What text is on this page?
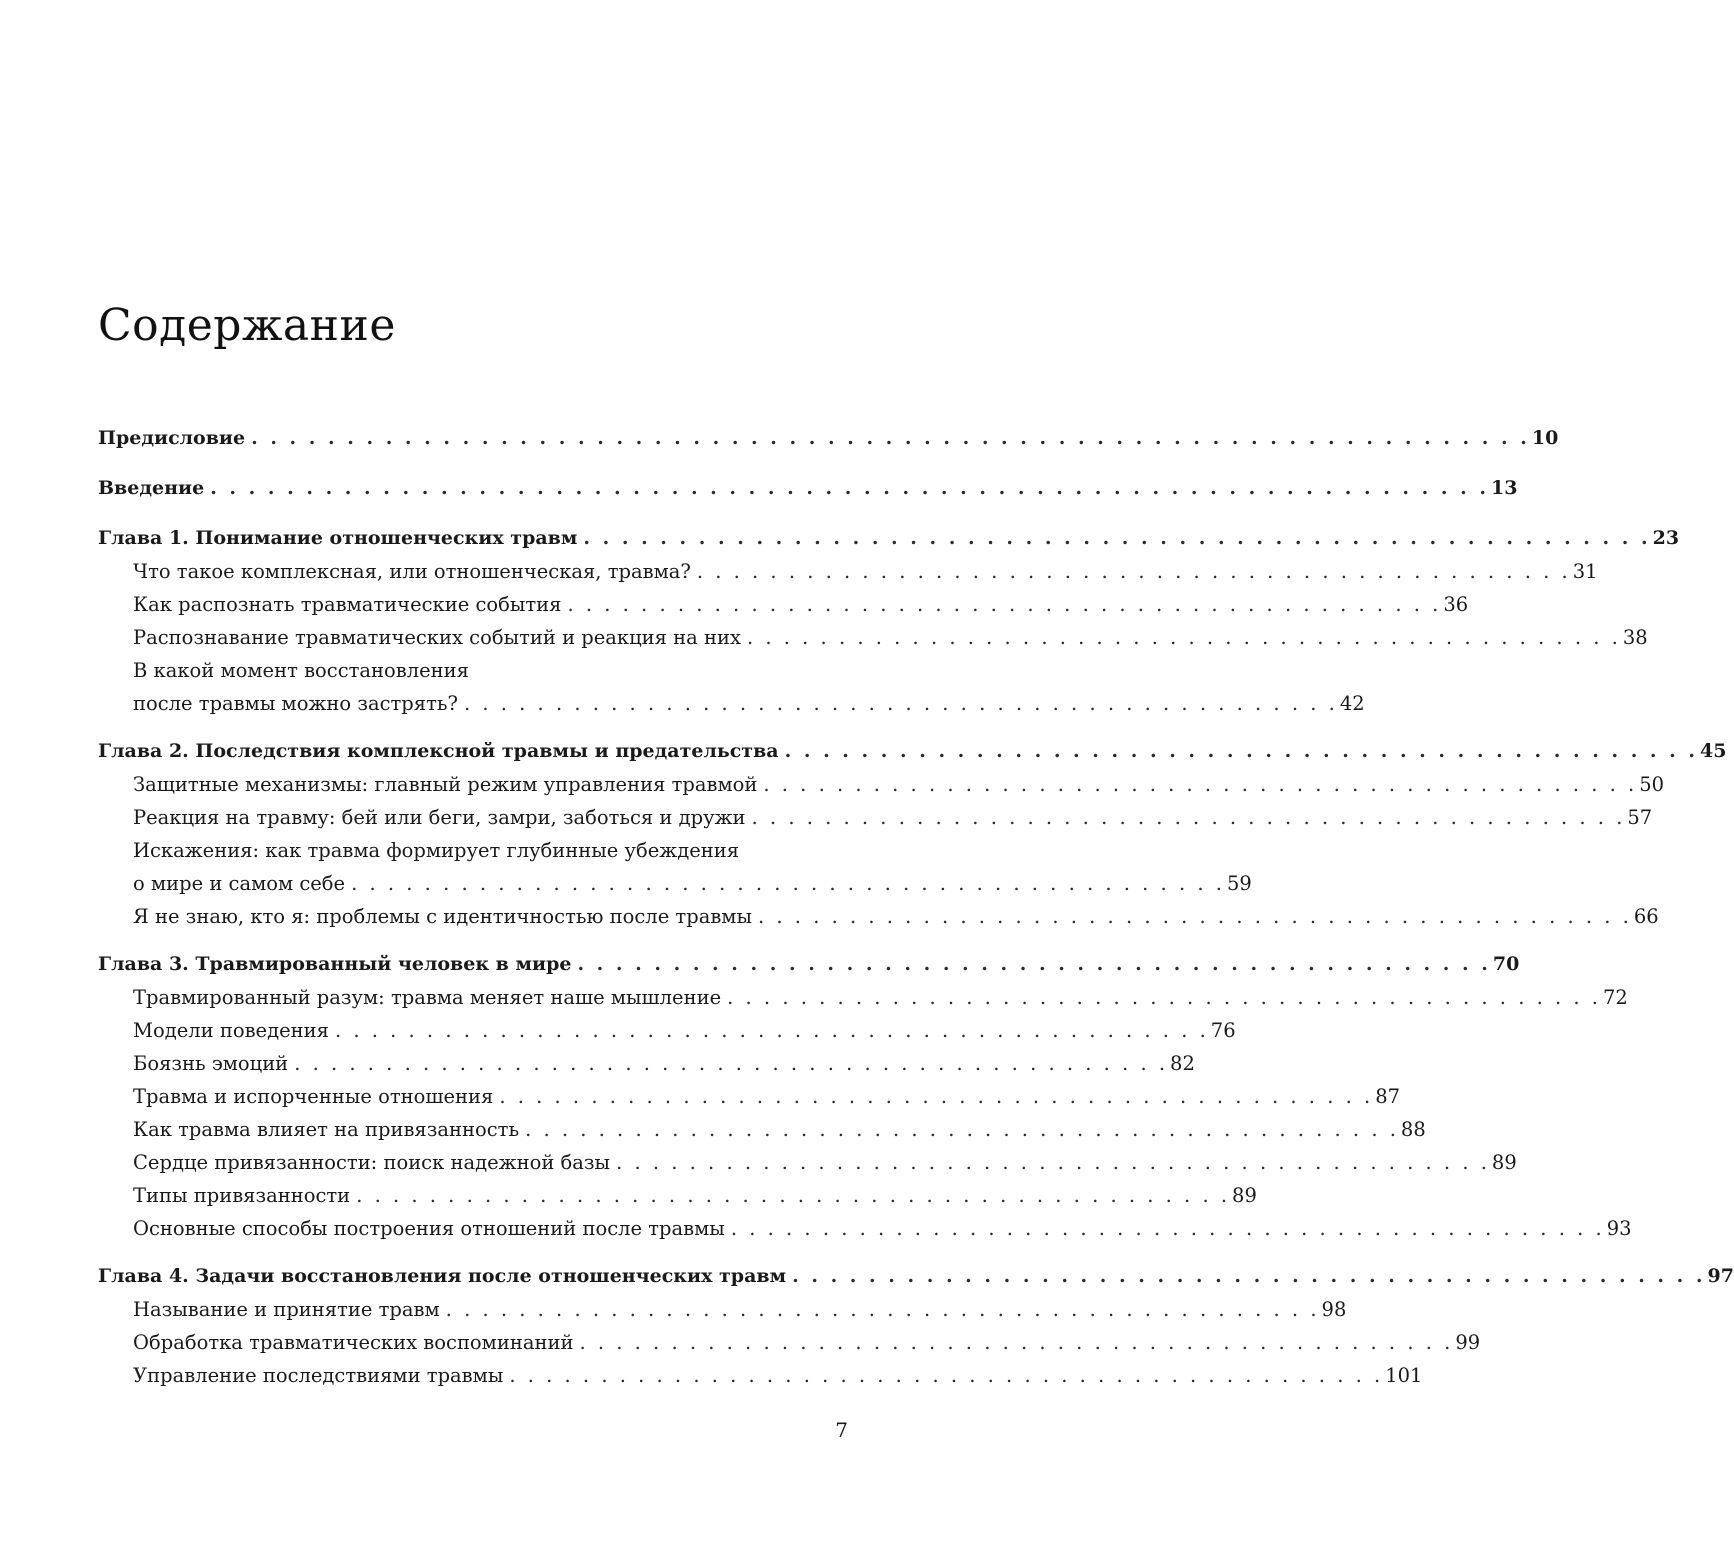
Содержание
Предисловие . . . . . . . . . . . . . . . . . . . . . . . . . . . . . . . . . . . . . . . . . . . . . . . . . . . . . . . . . . . . . . . . . . . 10
Введение . . . . . . . . . . . . . . . . . . . . . . . . . . . . . . . . . . . . . . . . . . . . . . . . . . . . . . . . . . . . . . . . . . . 13
Глава 1. Понимание отношенческих травм . . . . . . . . . . . . . . . . . . . . . . . . . . . . . . . . . . . . . . . . . . . . . . . . . . . . . . . . 23
Что такое комплексная, или отношенческая, травма? . . . . . . . . . . . . . . . . . . . . . . . . . . . . . . . . . . . . . . . . . . . . . . . . 31
Как распознать травматические события . . . . . . . . . . . . . . . . . . . . . . . . . . . . . . . . . . . . . . . . . . . . . . . . 36
Распознавание травматических событий и реакция на них . . . . . . . . . . . . . . . . . . . . . . . . . . . . . . . . . . . . . . . . . . . . . . . . 38
В какой момент восстановления
после травмы можно застрять? . . . . . . . . . . . . . . . . . . . . . . . . . . . . . . . . . . . . . . . . . . . . . . . . 42
Глава 2. Последствия комплексной травмы и предательства . . . . . . . . . . . . . . . . . . . . . . . . . . . . . . . . . . . . . . . . . . . . . . . . 45
Защитные механизмы: главный режим управления травмой . . . . . . . . . . . . . . . . . . . . . . . . . . . . . . . . . . . . . . . . . . . . . . . . 50
Реакция на травму: бей или беги, замри, заботься и дружи . . . . . . . . . . . . . . . . . . . . . . . . . . . . . . . . . . . . . . . . . . . . . . . . 57
Искажения: как травма формирует глубинные убеждения
о мире и самом себе . . . . . . . . . . . . . . . . . . . . . . . . . . . . . . . . . . . . . . . . . . . . . . . . 59
Я не знаю, кто я: проблемы с идентичностью после травмы . . . . . . . . . . . . . . . . . . . . . . . . . . . . . . . . . . . . . . . . . . . . . . . . 66
Глава 3. Травмированный человек в мире . . . . . . . . . . . . . . . . . . . . . . . . . . . . . . . . . . . . . . . . . . . . . . . . 70
Травмированный разум: травма меняет наше мышление . . . . . . . . . . . . . . . . . . . . . . . . . . . . . . . . . . . . . . . . . . . . . . . . 72
Модели поведения . . . . . . . . . . . . . . . . . . . . . . . . . . . . . . . . . . . . . . . . . . . . . . . . 76
Боязнь эмоций . . . . . . . . . . . . . . . . . . . . . . . . . . . . . . . . . . . . . . . . . . . . . . . . 82
Травма и испорченные отношения . . . . . . . . . . . . . . . . . . . . . . . . . . . . . . . . . . . . . . . . . . . . . . . . 87
Как травма влияет на привязанность . . . . . . . . . . . . . . . . . . . . . . . . . . . . . . . . . . . . . . . . . . . . . . . . 88
Сердце привязанности: поиск надежной базы . . . . . . . . . . . . . . . . . . . . . . . . . . . . . . . . . . . . . . . . . . . . . . . . 89
Типы привязанности . . . . . . . . . . . . . . . . . . . . . . . . . . . . . . . . . . . . . . . . . . . . . . . . 89
Основные способы построения отношений после травмы . . . . . . . . . . . . . . . . . . . . . . . . . . . . . . . . . . . . . . . . . . . . . . . . 93
Глава 4. Задачи восстановления после отношенческих травм . . . . . . . . . . . . . . . . . . . . . . . . . . . . . . . . . . . . . . . . . . . . . . . . 97
Называние и принятие травм . . . . . . . . . . . . . . . . . . . . . . . . . . . . . . . . . . . . . . . . . . . . . . . . 98
Обработка травматических воспоминаний . . . . . . . . . . . . . . . . . . . . . . . . . . . . . . . . . . . . . . . . . . . . . . . . 99
Управление последствиями травмы . . . . . . . . . . . . . . . . . . . . . . . . . . . . . . . . . . . . . . . . . . . . . . . . 101
7
